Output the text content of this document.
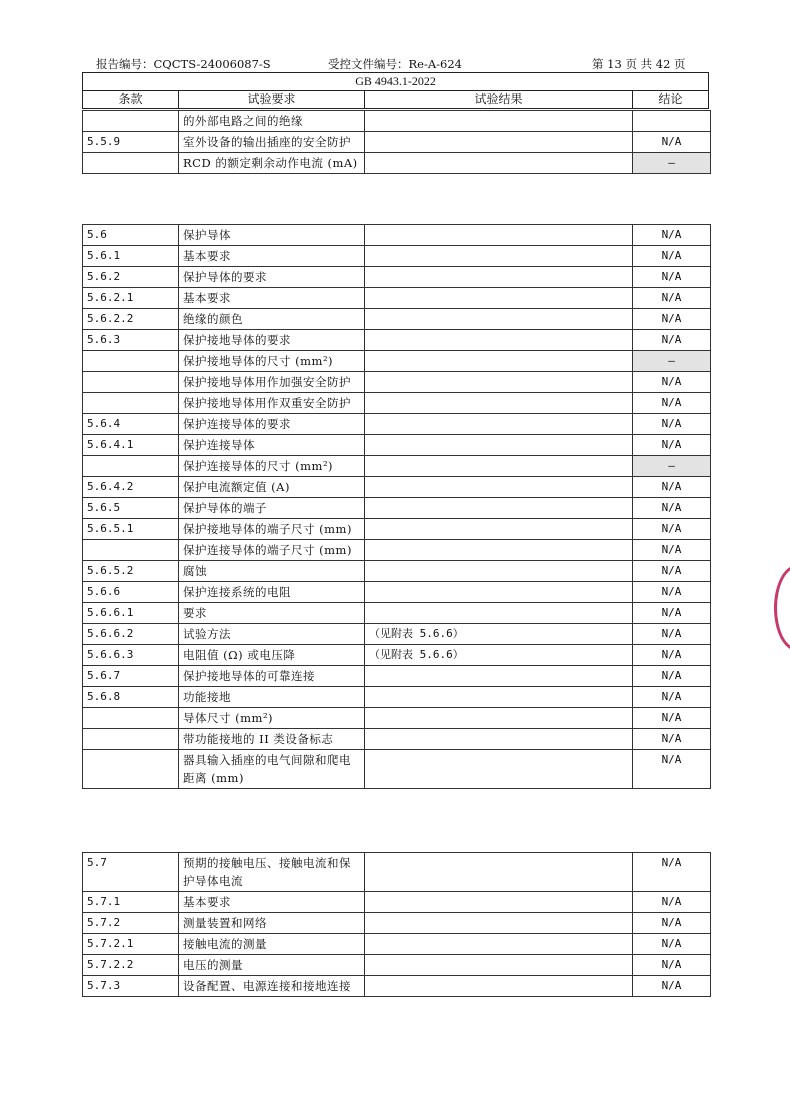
报告编号：CQCTS-24006087-S	受控文件编号：Re-A-624	第 13 页 共 42 页
GB 4943.1-2022
条款	试验要求	试验结果	结论
	的外部电路之间的绝缘		
5.5.9	室外设备的输出插座的安全防护		N/A
	RCD 的额定剩余动作电流 (mA)		—
5.6	保护导体		N/A
5.6.1	基本要求		N/A
5.6.2	保护导体的要求		N/A
5.6.2.1	基本要求		N/A
5.6.2.2	绝缘的颜色		N/A
5.6.3	保护接地导体的要求		N/A
	保护接地导体的尺寸 (mm²)		—
	保护接地导体用作加强安全防护		N/A
	保护接地导体用作双重安全防护		N/A
5.6.4	保护连接导体的要求		N/A
5.6.4.1	保护连接导体		N/A
	保护连接导体的尺寸 (mm²)		—
5.6.4.2	保护电流额定值 (A)		N/A
5.6.5	保护导体的端子		N/A
5.6.5.1	保护接地导体的端子尺寸 (mm)		N/A
	保护连接导体的端子尺寸 (mm)		N/A
5.6.5.2	腐蚀		N/A
5.6.6	保护连接系统的电阻		N/A
5.6.6.1	要求		N/A
5.6.6.2	试验方法	（见附表 5.6.6）	N/A
5.6.6.3	电阻值 (Ω) 或电压降	（见附表 5.6.6）	N/A
5.6.7	保护接地导体的可靠连接		N/A
5.6.8	功能接地		N/A
	导体尺寸 (mm²)		N/A
	带功能接地的 II 类设备标志		N/A
	器具输入插座的电气间隙和爬电距离 (mm)		N/A
5.7	预期的接触电压、接触电流和保护导体电流		N/A
5.7.1	基本要求		N/A
5.7.2	测量装置和网络		N/A
5.7.2.1	接触电流的测量		N/A
5.7.2.2	电压的测量		N/A
5.7.3	设备配置、电源连接和接地连接		N/A
